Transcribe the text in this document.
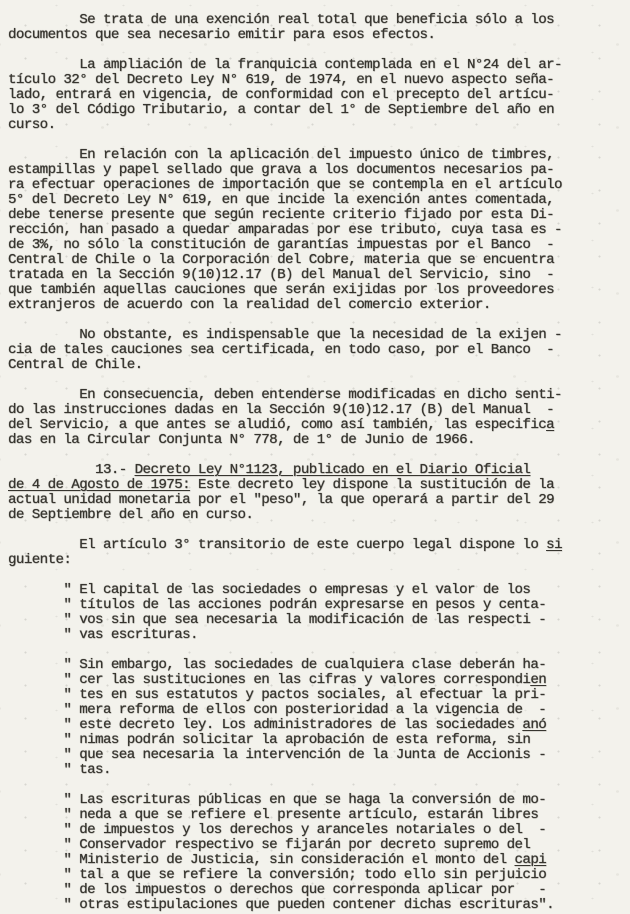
Se trata de una exención real total que beneficia sólo a los
documentos que sea necesario emitir para esos efectos.
La ampliación de la franquicia contemplada en el N°24 del ar-
tículo 32° del Decreto Ley N° 619, de 1974, en el nuevo aspecto seña-
lado, entrará en vigencia, de conformidad con el precepto del artícu-
lo 3° del Código Tributario, a contar del 1° de Septiembre del año en
curso.
En relación con la aplicación del impuesto único de timbres,
estampillas y papel sellado que grava a los documentos necesarios pa-
ra efectuar operaciones de importación que se contempla en el artículo
5° del Decreto Ley N° 619, en que incide la exención antes comentada,
debe tenerse presente que según reciente criterio fijado por esta Di-
rección, han pasado a quedar amparadas por ese tributo, cuya tasa es -
de 3%, no sólo la constitución de garantías impuestas por el Banco  -
Central de Chile o la Corporación del Cobre, materia que se encuentra
tratada en la Sección 9(10)12.17 (B) del Manual del Servicio, sino  -
que también aquellas cauciones que serán exijidas por los proveedores
extranjeros de acuerdo con la realidad del comercio exterior.
No obstante, es indispensable que la necesidad de la exijen -
cia de tales cauciones sea certificada, en todo caso, por el Banco  -
Central de Chile.
En consecuencia, deben entenderse modificadas en dicho senti-
do las instrucciones dadas en la Sección 9(10)12.17 (B) del Manual  -
del Servicio, a que antes se aludió, como así también, las especifica
das en la Circular Conjunta N° 778, de 1° de Junio de 1966.
13.- Decreto Ley N°1123, publicado en el Diario Oficial
de 4 de Agosto de 1975: Este decreto ley dispone la sustitución de la
actual unidad monetaria por el "peso", la que operará a partir del 29
de Septiembre del año en curso.
El artículo 3° transitorio de este cuerpo legal dispone lo si
guiente:
" El capital de las sociedades o empresas y el valor de los
" títulos de las acciones podrán expresarse en pesos y centa-
" vos sin que sea necesaria la modificación de las respecti -
" vas escrituras.
" Sin embargo, las sociedades de cualquiera clase deberán ha-
" cer las sustituciones en las cifras y valores correspondien
" tes en sus estatutos y pactos sociales, al efectuar la pri-
" mera reforma de ellos con posterioridad a la vigencia de  -
" este decreto ley. Los administradores de las sociedades anó
" nimas podrán solicitar la aprobación de esta reforma, sin
" que sea necesaria la intervención de la Junta de Accionis -
" tas.
" Las escrituras públicas en que se haga la conversión de mo-
" neda a que se refiere el presente artículo, estarán libres
" de impuestos y los derechos y aranceles notariales o del  -
" Conservador respectivo se fijarán por decreto supremo del
" Ministerio de Justicia, sin consideración el monto del capi
" tal a que se refiere la conversión; todo ello sin perjuicio
" de los impuestos o derechos que corresponda aplicar por   -
" otras estipulaciones que pueden contener dichas escrituras".
